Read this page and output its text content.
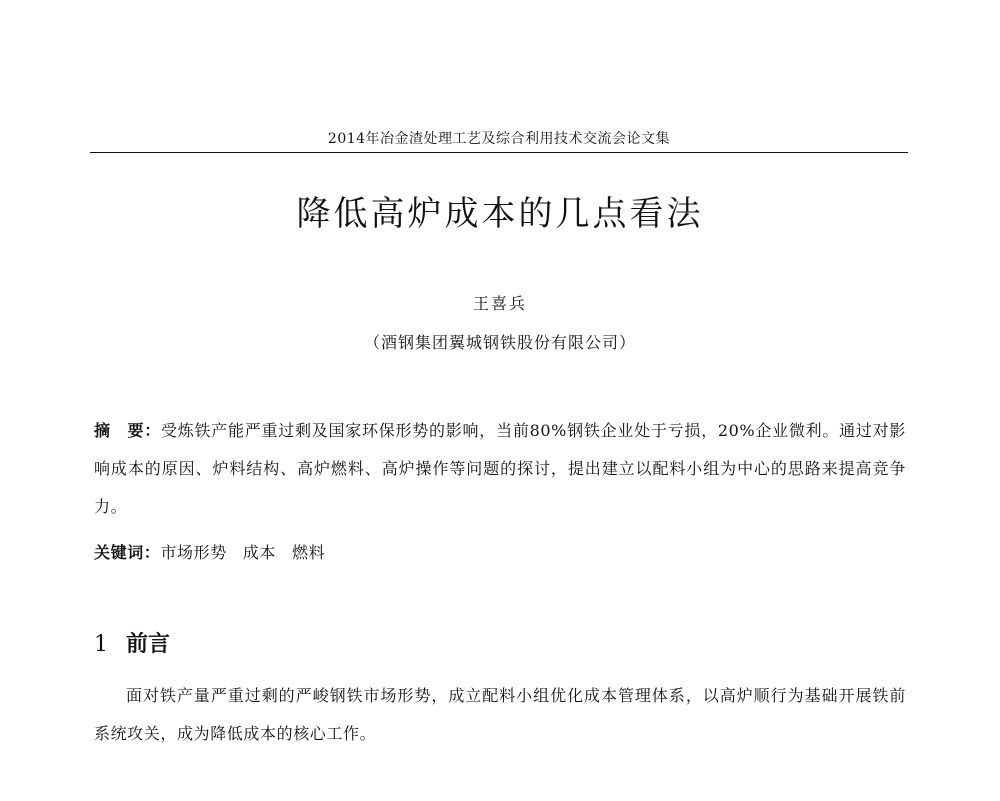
2014年冶金渣处理工艺及综合利用技术交流会论文集
降低高炉成本的几点看法
王喜兵
（酒钢集团翼城钢铁股份有限公司）
摘　要：受炼铁产能严重过剩及国家环保形势的影响，当前80%钢铁企业处于亏损，20%企业微利。通过对影响成本的原因、炉料结构、高炉燃料、高炉操作等问题的探讨，提出建立以配料小组为中心的思路来提高竞争力。
关键词：市场形势 成本 燃料
1 前言
面对铁产量严重过剩的严峻钢铁市场形势，成立配料小组优化成本管理体系，以高炉顺行为基础开展铁前系统攻关，成为降低成本的核心工作。
